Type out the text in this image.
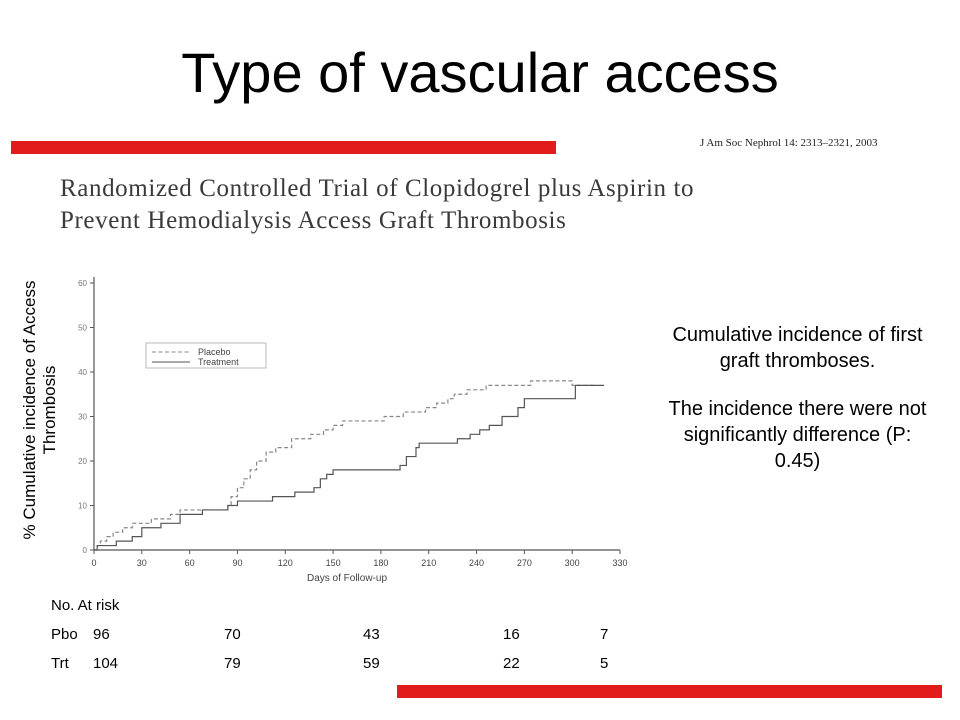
Type of vascular access
J Am Soc Nephrol 14: 2313–2321, 2003
Randomized Controlled Trial of Clopidogrel plus Aspirin to
Prevent Hemodialysis Access Graft Thrombosis
% Cumulative incidence of Access Thrombosis
0
10
20
30
40
50
60
0	30	60	90	120	150	180	210	240	270	300	330
Days of Follow-up
Placebo
Treatment
Cumulative incidence of first graft thromboses.
The incidence there were not significantly difference (P: 0.45)
No. At risk
Pbo 96	70	43	16	7
Trt 104	79	59	22	5
